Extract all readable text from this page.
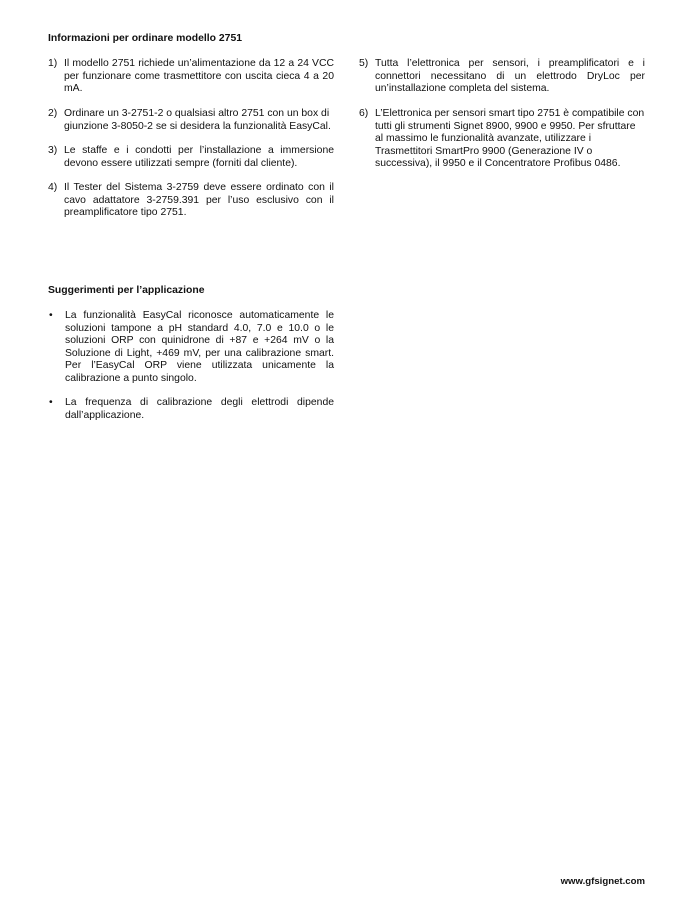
Informazioni per ordinare modello 2751
1) Il modello 2751 richiede un’alimentazione da 12 a 24 VCC per funzionare come trasmettitore con uscita cieca 4 a 20 mA.
2) Ordinare un 3-2751-2 o qualsiasi altro 2751 con un box di giunzione 3-8050-2 se si desidera la funzionalità EasyCal.
3) Le staffe e i condotti per l’installazione a immersione devono essere utilizzati sempre (forniti dal cliente).
4) Il Tester del Sistema 3-2759 deve essere ordinato con il cavo adattatore 3-2759.391 per l’uso esclusivo con il preamplificatore tipo 2751.
5) Tutta l’elettronica per sensori, i preamplificatori e i connettori necessitano di un elettrodo DryLoc per un’installazione completa del sistema.
6) L’Elettronica per sensori smart tipo 2751 è compatibile con tutti gli strumenti Signet 8900, 9900 e 9950. Per sfruttare al massimo le funzionalità avanzate, utilizzare i Trasmettitori SmartPro 9900 (Generazione IV o successiva), il 9950 e il Concentratore Profibus 0486.
Suggerimenti per l’applicazione
•	La funzionalità EasyCal riconosce automaticamente le soluzioni tampone a pH standard 4.0, 7.0 e 10.0 o le soluzioni ORP con quinidrone di +87 e +264 mV o la Soluzione di Light, +469 mV, per una calibrazione smart. Per l’EasyCal ORP viene utilizzata unicamente la calibrazione a punto singolo.
•	La frequenza di calibrazione degli elettrodi dipende dall’applicazione.
www.gfsignet.com
